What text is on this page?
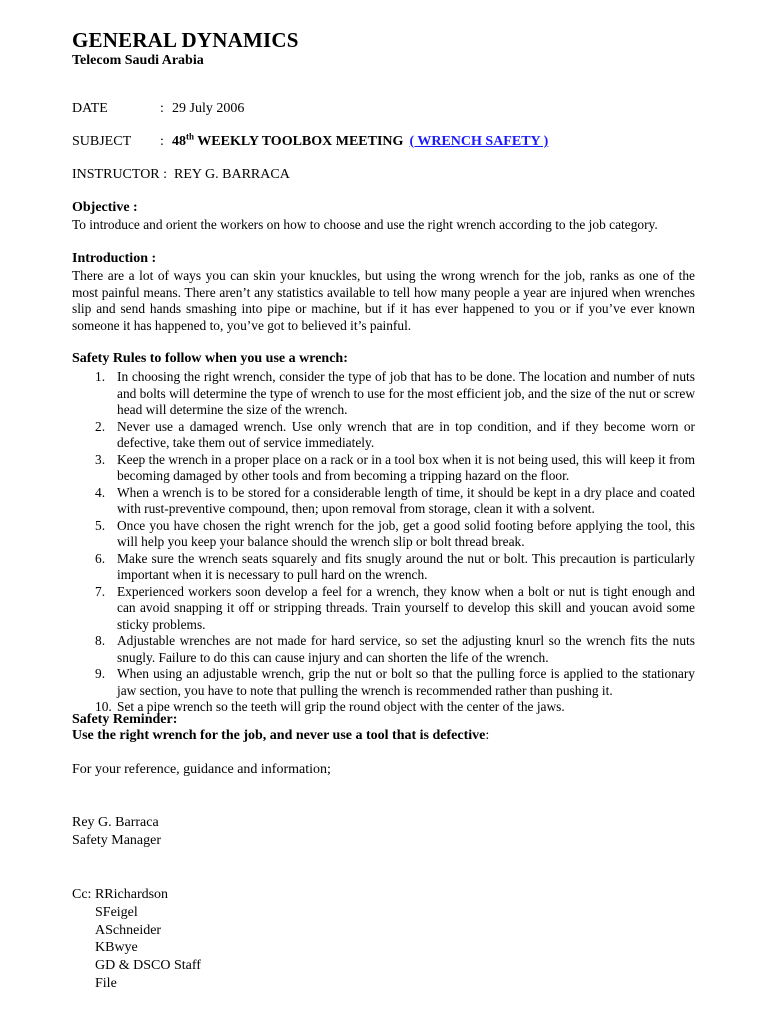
GENERAL DYNAMICS
Telecom Saudi Arabia
DATE	: 29 July 2006
SUBJECT : 48th WEEKLY TOOLBOX MEETING ( WRENCH SAFETY )
INSTRUCTOR : REY G. BARRACA
Objective :
To introduce and orient the workers on how to choose and use the right wrench according to the job category.
Introduction :
There are a lot of ways you can skin your knuckles, but using the wrong wrench for the job, ranks as one of the most painful means. There aren’t any statistics available to tell how many people a year are injured when wrenches slip and send hands smashing into pipe or machine, but if it has ever happened to you or if you’ve ever known someone it has happened to, you’ve got to believed it’s painful.
Safety Rules to follow when you use a wrench:
1. In choosing the right wrench, consider the type of job that has to be done. The location and number of nuts and bolts will determine the type of wrench to use for the most efficient job, and the size of the nut or screw head will determine the size of the wrench.
2. Never use a damaged wrench. Use only wrench that are in top condition, and if they become worn or defective, take them out of service immediately.
3. Keep the wrench in a proper place on a rack or in a tool box when it is not being used, this will keep it from becoming damaged by other tools and from becoming a tripping hazard on the floor.
4. When a wrench is to be stored for a considerable length of time, it should be kept in a dry place and coated with rust-preventive compound, then; upon removal from storage, clean it with a solvent.
5. Once you have chosen the right wrench for the job, get a good solid footing before applying the tool, this will help you keep your balance should the wrench slip or bolt thread break.
6. Make sure the wrench seats squarely and fits snugly around the nut or bolt. This precaution is particularly important when it is necessary to pull hard on the wrench.
7. Experienced workers soon develop a feel for a wrench, they know when a bolt or nut is tight enough and can avoid snapping it off or stripping threads. Train yourself to develop this skill and youcan avoid some sticky problems.
8. Adjustable wrenches are not made for hard service, so set the adjusting knurl so the wrench fits the nuts snugly. Failure to do this can cause injury and can shorten the life of the wrench.
9. When using an adjustable wrench, grip the nut or bolt so that the pulling force is applied to the stationary jaw section, you have to note that pulling the wrench is recommended rather than pushing it.
10. Set a pipe wrench so the teeth will grip the round object with the center of the jaws.
Safety Reminder:
Use the right wrench for the job, and never use a tool that is defective:
For your reference, guidance and information;
Rey G. Barraca
Safety Manager
Cc: RRichardson
SFeigel
ASchneider
KBwye
GD & DSCO Staff
File
